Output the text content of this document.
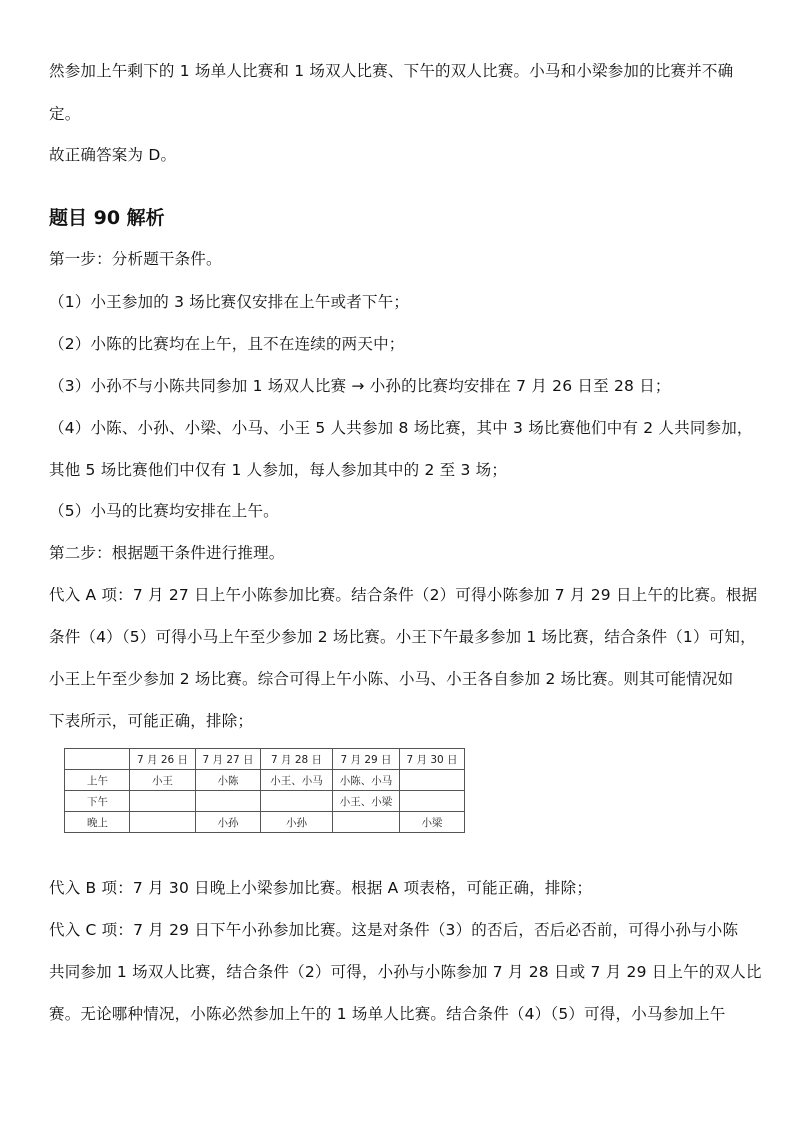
然参加上午剩下的 1 场单人比赛和 1 场双人比赛、下午的双人比赛。小马和小梁参加的比赛并不确
定。
故正确答案为 D。
题目 90 解析
第一步：分析题干条件。
（1）小王参加的 3 场比赛仅安排在上午或者下午；
（2）小陈的比赛均在上午，且不在连续的两天中；
（3）小孙不与小陈共同参加 1 场双人比赛 → 小孙的比赛均安排在 7 月 26 日至 28 日；
（4）小陈、小孙、小梁、小马、小王 5 人共参加 8 场比赛，其中 3 场比赛他们中有 2 人共同参加，
其他 5 场比赛他们中仅有 1 人参加，每人参加其中的 2 至 3 场；
（5）小马的比赛均安排在上午。
第二步：根据题干条件进行推理。
代入 A 项：7 月 27 日上午小陈参加比赛。结合条件（2）可得小陈参加 7 月 29 日上午的比赛。根据
条件（4）（5）可得小马上午至少参加 2 场比赛。小王下午最多参加 1 场比赛，结合条件（1）可知，
小王上午至少参加 2 场比赛。综合可得上午小陈、小马、小王各自参加 2 场比赛。则其可能情况如
下表所示，可能正确，排除；
	7 月 26 日	7 月 27 日	7 月 28 日	7 月 29 日	7 月 30 日
上午	小王	小陈	小王、小马	小陈、小马	
下午				小王、小梁	
晚上		小孙	小孙		小梁
代入 B 项：7 月 30 日晚上小梁参加比赛。根据 A 项表格，可能正确，排除；
代入 C 项：7 月 29 日下午小孙参加比赛。这是对条件（3）的否后，否后必否前，可得小孙与小陈
共同参加 1 场双人比赛，结合条件（2）可得，小孙与小陈参加 7 月 28 日或 7 月 29 日上午的双人比
赛。无论哪种情况，小陈必然参加上午的 1 场单人比赛。结合条件（4）（5）可得，小马参加上午
